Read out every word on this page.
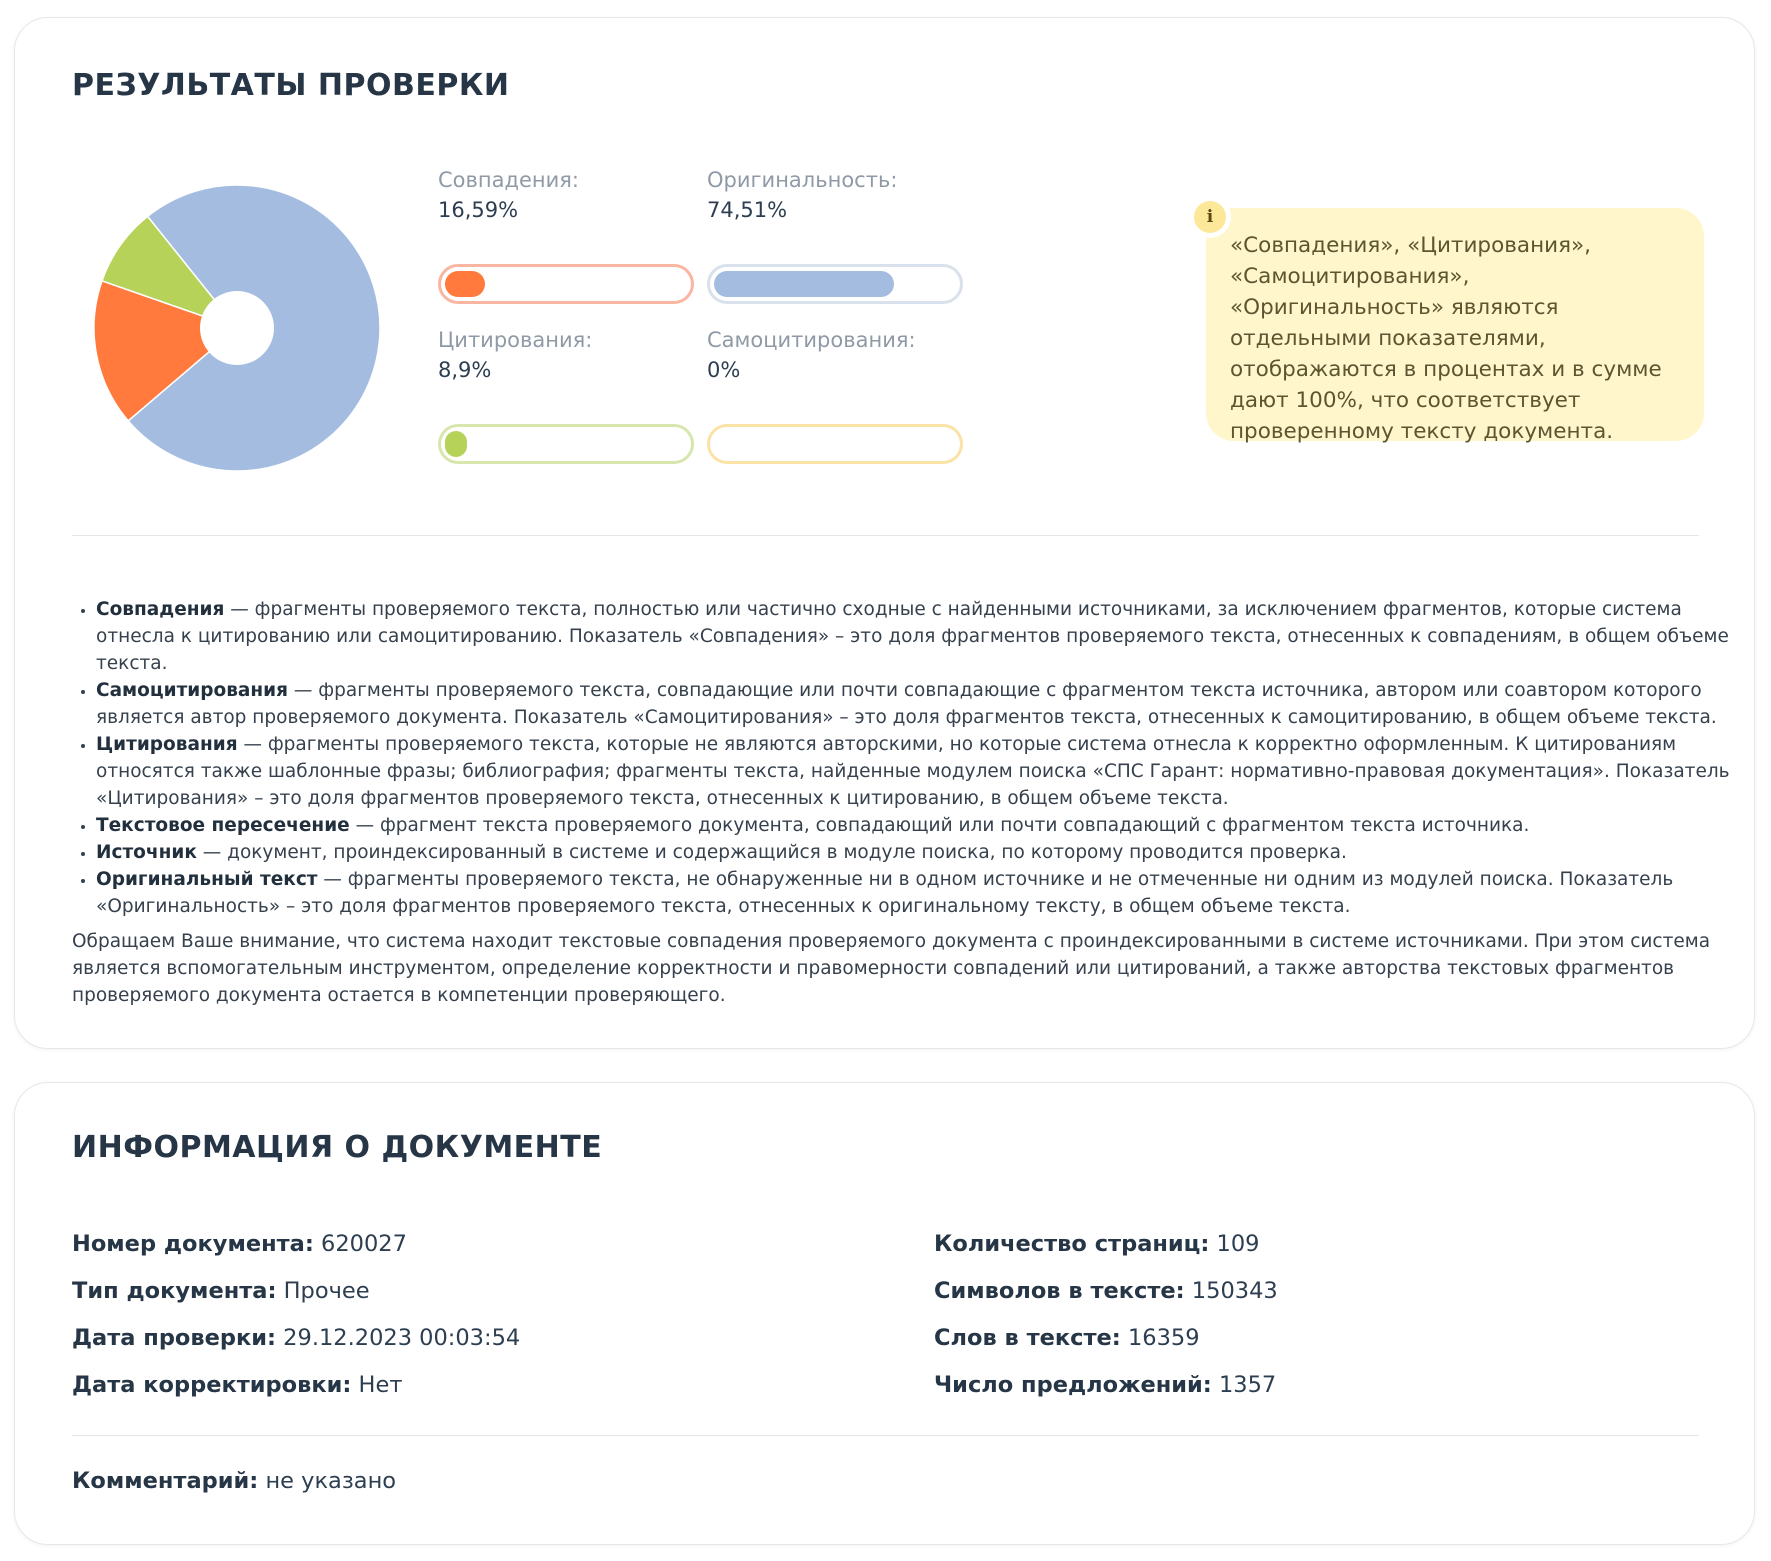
РЕЗУЛЬТАТЫ ПРОВЕРКИ
Совпадения:
16,59%
Оригинальность:
74,51%
Цитирования:
8,9%
Самоцитирования:
0%
«Совпадения», «Цитирования», «Самоцитирования», «Оригинальность» являются отдельными показателями, отображаются в процентах и в сумме дают 100%, что соответствует проверенному тексту документа.
i
• Совпадения — фрагменты проверяемого текста, полностью или частично сходные с найденными источниками, за исключением фрагментов, которые система отнесла к цитированию или самоцитированию. Показатель «Совпадения» – это доля фрагментов проверяемого текста, отнесенных к совпадениям, в общем объеме текста.
• Самоцитирования — фрагменты проверяемого текста, совпадающие или почти совпадающие с фрагментом текста источника, автором или соавтором которого является автор проверяемого документа. Показатель «Самоцитирования» – это доля фрагментов текста, отнесенных к самоцитированию, в общем объеме текста.
• Цитирования — фрагменты проверяемого текста, которые не являются авторскими, но которые система отнесла к корректно оформленным. К цитированиям относятся также шаблонные фразы; библиография; фрагменты текста, найденные модулем поиска «СПС Гарант: нормативно-правовая документация». Показатель «Цитирования» – это доля фрагментов проверяемого текста, отнесенных к цитированию, в общем объеме текста.
• Текстовое пересечение — фрагмент текста проверяемого документа, совпадающий или почти совпадающий с фрагментом текста источника.
• Источник — документ, проиндексированный в системе и содержащийся в модуле поиска, по которому проводится проверка.
• Оригинальный текст — фрагменты проверяемого текста, не обнаруженные ни в одном источнике и не отмеченные ни одним из модулей поиска. Показатель «Оригинальность» – это доля фрагментов проверяемого текста, отнесенных к оригинальному тексту, в общем объеме текста.

Обращаем Ваше внимание, что система находит текстовые совпадения проверяемого документа с проиндексированными в системе источниками. При этом система является вспомогательным инструментом, определение корректности и правомерности совпадений или цитирований, а также авторства текстовых фрагментов проверяемого документа остается в компетенции проверяющего.

ИНФОРМАЦИЯ О ДОКУМЕНТЕ
Номер документа: 620027
Тип документа: Прочее
Дата проверки: 29.12.2023 00:03:54
Дата корректировки: Нет
Количество страниц: 109
Символов в тексте: 150343
Слов в тексте: 16359
Число предложений: 1357
Комментарий: не указано
